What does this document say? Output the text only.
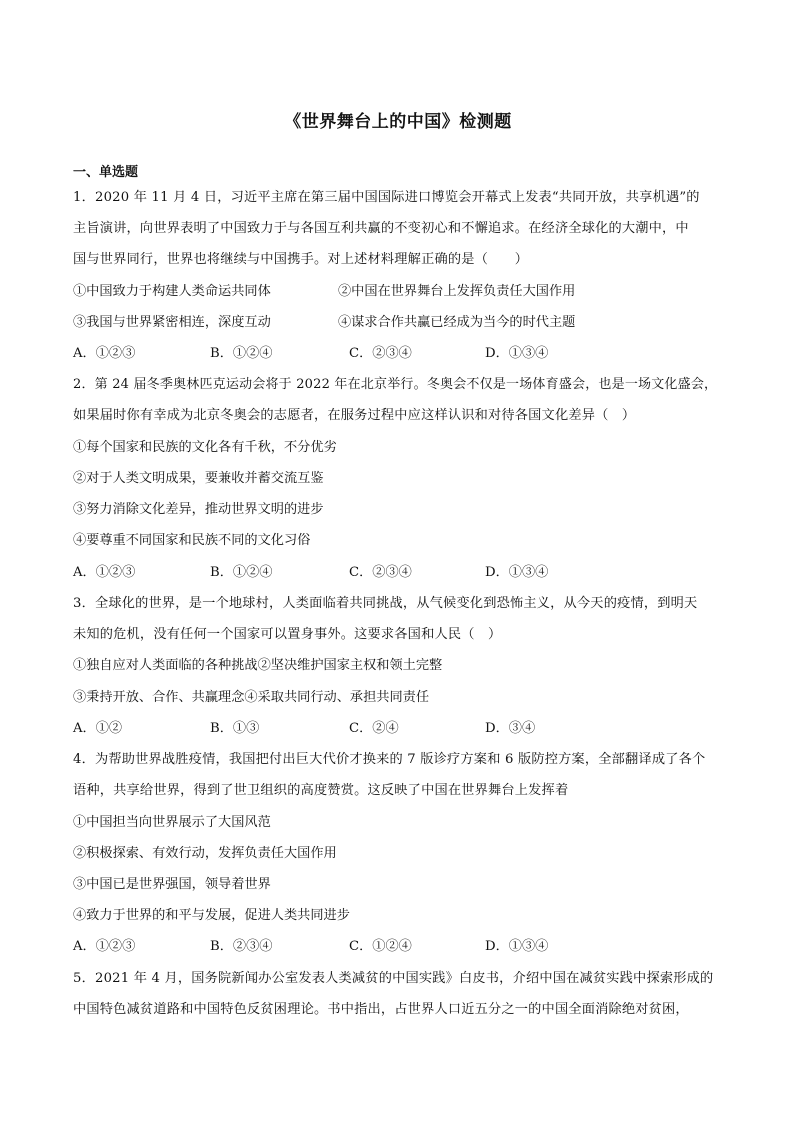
《世界舞台上的中国》检测题
一、单选题
1．2020 年 11 月 4 日，习近平主席在第三届中国国际进口博览会开幕式上发表“共同开放，共享机遇”的
主旨演讲，向世界表明了中国致力于与各国互利共赢的不变初心和不懈追求。在经济全球化的大潮中，中
国与世界同行，世界也将继续与中国携手。对上述材料理解正确的是（　　）
①中国致力于构建人类命运共同体	②中国在世界舞台上发挥负责任大国作用
③我国与世界紧密相连，深度互动	④谋求合作共赢已经成为当今的时代主题
A．①②③	B．①②④	C．②③④	D．①③④
2．第 24 届冬季奥林匹克运动会将于 2022 年在北京举行。冬奥会不仅是一场体育盛会，也是一场文化盛会，
如果届时你有幸成为北京冬奥会的志愿者，在服务过程中应这样认识和对待各国文化差异（　）
①每个国家和民族的文化各有千秋，不分优劣
②对于人类文明成果，要兼收并蓄交流互鉴
③努力消除文化差异，推动世界文明的进步
④要尊重不同国家和民族不同的文化习俗
A．①②③	B．①②④	C．②③④	D．①③④
3．全球化的世界，是一个地球村，人类面临着共同挑战，从气候变化到恐怖主义，从今天的疫情，到明天
未知的危机，没有任何一个国家可以置身事外。这要求各国和人民（　）
①独自应对人类面临的各种挑战②坚决维护国家主权和领土完整
③秉持开放、合作、共赢理念④采取共同行动、承担共同责任
A．①②	B．①③	C．②④	D．③④
4．为帮助世界战胜疫情，我国把付出巨大代价才换来的 7 版诊疗方案和 6 版防控方案，全部翻译成了各个
语种，共享给世界，得到了世卫组织的高度赞赏。这反映了中国在世界舞台上发挥着
①中国担当向世界展示了大国风范
②积极探索、有效行动，发挥负责任大国作用
③中国已是世界强国，领导着世界
④致力于世界的和平与发展，促进人类共同进步
A．①②③	B．②③④	C．①②④	D．①③④
5．2021 年 4 月，国务院新闻办公室发表人类减贫的中国实践》白皮书，介绍中国在减贫实践中探索形成的
中国特色减贫道路和中国特色反贫困理论。书中指出，占世界人口近五分之一的中国全面消除绝对贫困，
